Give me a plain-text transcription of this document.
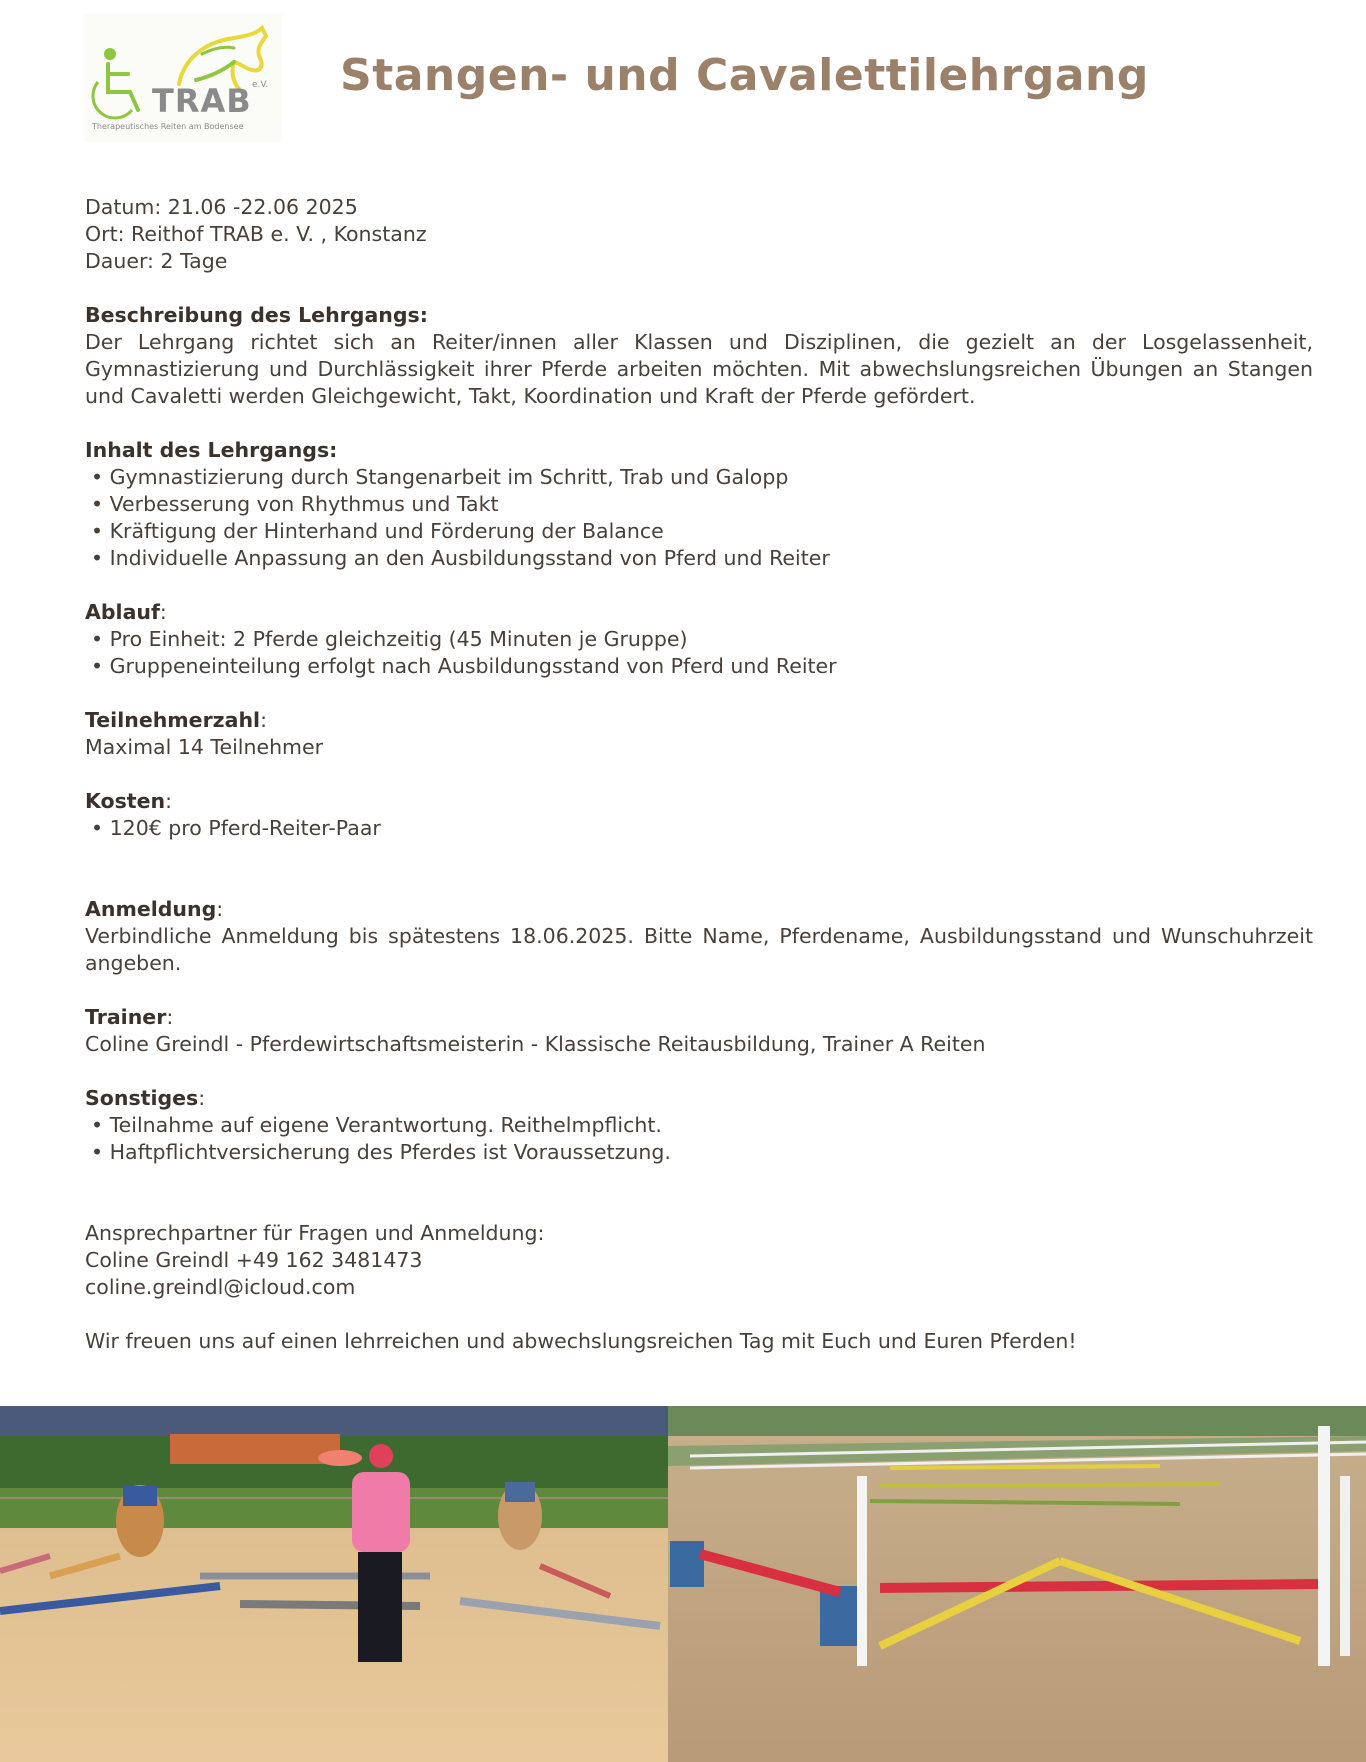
TRAB e.V.
Therapeutisches Reiten am Bodensee
Stangen- und Cavalettilehrgang

Datum: 21.06 -22.06 2025

Ort: Reithof TRAB e. V. , Konstanz

Dauer: 2 Tage

Beschreibung des Lehrgangs:

Der Lehrgang richtet sich an Reiter/innen aller Klassen und Disziplinen, die gezielt an der Losgelassenheit, Gymnastizierung und Durchlässigkeit ihrer Pferde arbeiten möchten. Mit abwechslungsreichen Übungen an Stangen und Cavaletti werden Gleichgewicht, Takt, Koordination und Kraft der Pferde gefördert.

Inhalt des Lehrgangs:

• Gymnastizierung durch Stangenarbeit im Schritt, Trab und Galopp

• Verbesserung von Rhythmus und Takt

• Kräftigung der Hinterhand und Förderung der Balance

• Individuelle Anpassung an den Ausbildungsstand von Pferd und Reiter

Ablauf:

• Pro Einheit: 2 Pferde gleichzeitig (45 Minuten je Gruppe)

• Gruppeneinteilung erfolgt nach Ausbildungsstand von Pferd und Reiter

Teilnehmerzahl:

Maximal 14 Teilnehmer

Kosten:

• 120€ pro Pferd-Reiter-Paar

Anmeldung:

Verbindliche Anmeldung bis spätestens 18.06.2025. Bitte Name, Pferdename, Ausbildungsstand und Wunschuhrzeit angeben.

Trainer:

Coline Greindl - Pferdewirtschaftsmeisterin - Klassische Reitausbildung, Trainer A Reiten

Sonstiges:

• Teilnahme auf eigene Verantwortung. Reithelmpflicht.

• Haftpflichtversicherung des Pferdes ist Voraussetzung.

Ansprechpartner für Fragen und Anmeldung:

Coline Greindl +49 162 3481473

coline.greindl@icloud.com

Wir freuen uns auf einen lehrreichen und abwechslungsreichen Tag mit Euch und Euren Pferden!
